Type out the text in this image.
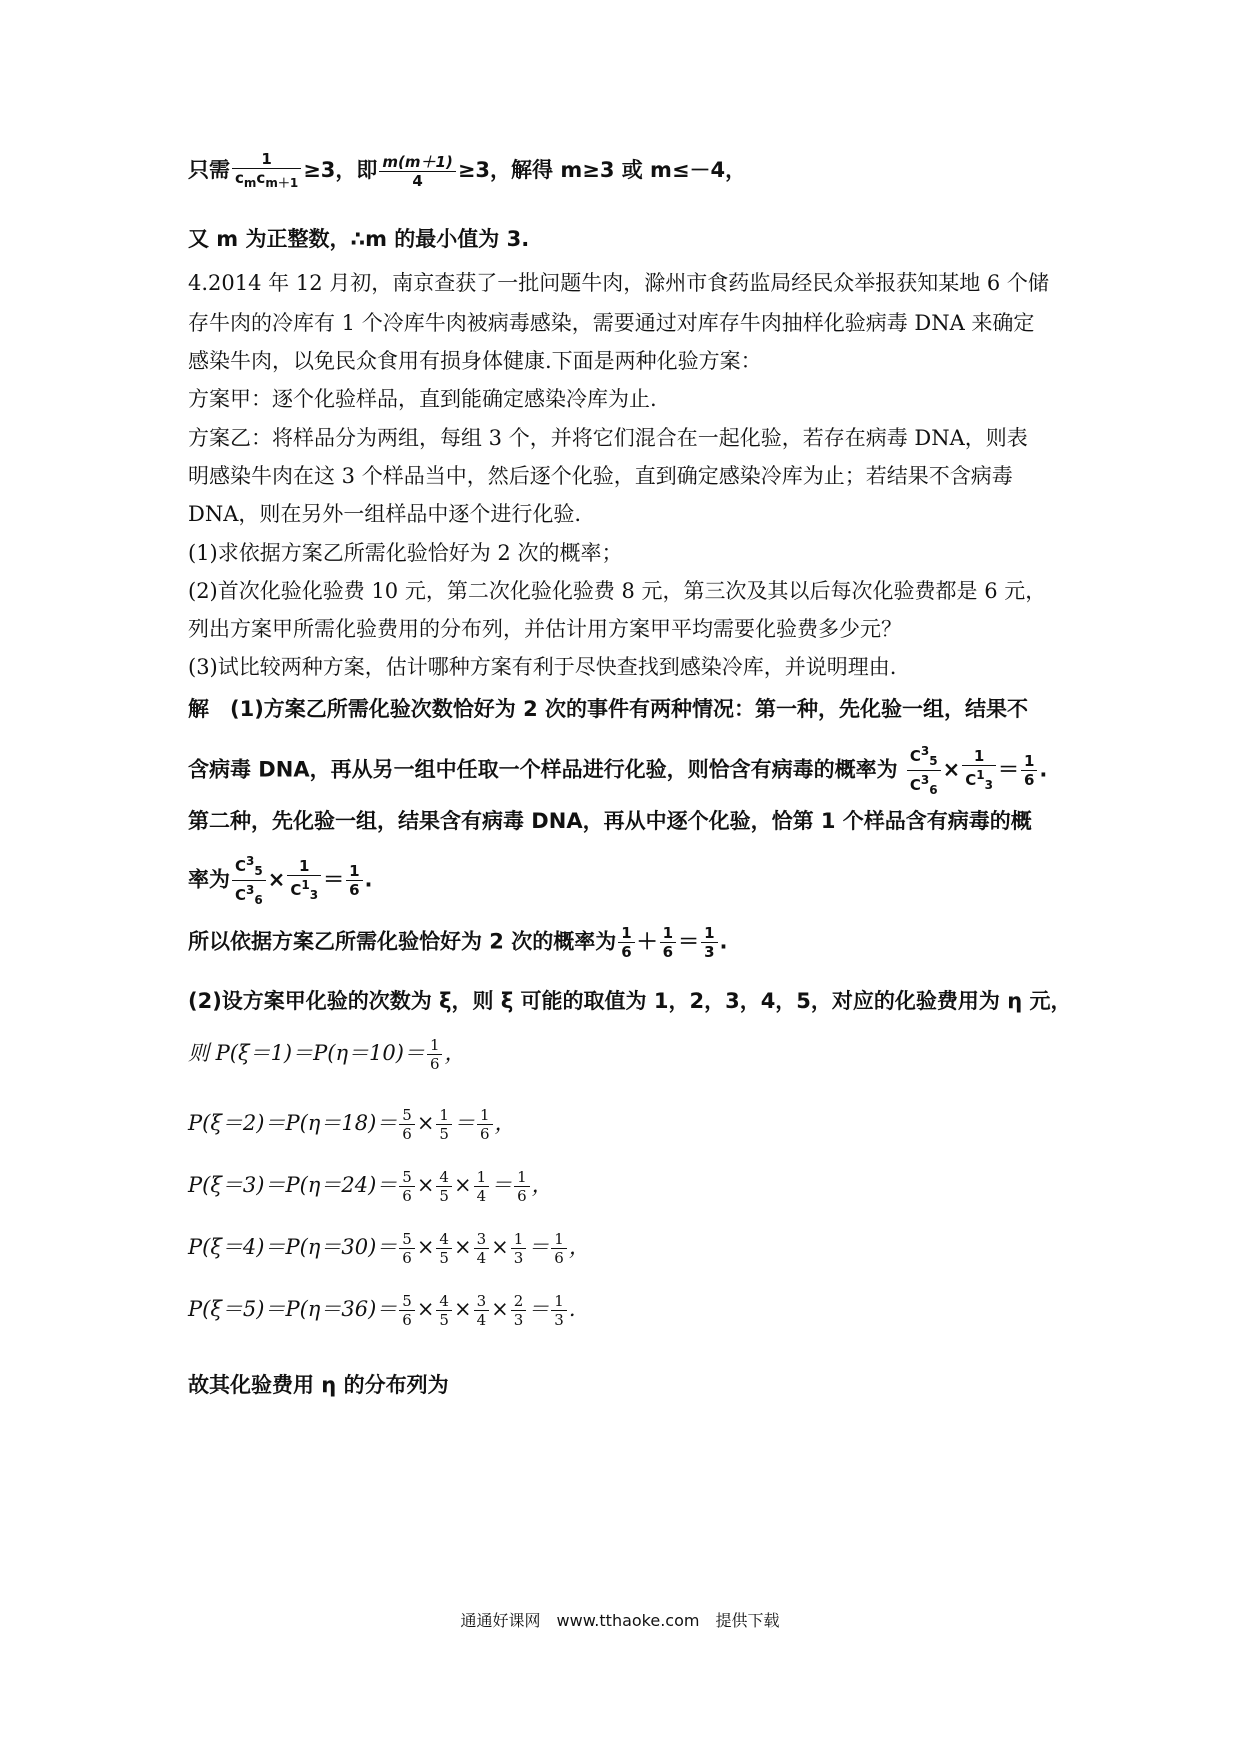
只需 $\frac{1}{c_mc_{m+1}} \ge 3$，即 $\frac{m(m+1)}{4} \ge 3$，解得 m≥3 或 m≤－4，
又 m 为正整数，∴m 的最小值为 3.
4.2014 年 12 月初，南京查获了一批问题牛肉，滁州市食药监局经民众举报获知某地 6 个储
存牛肉的冷库有 1 个冷库牛肉被病毒感染，需要通过对库存牛肉抽样化验病毒 DNA 来确定
感染牛肉，以免民众食用有损身体健康.下面是两种化验方案：
方案甲：逐个化验样品，直到能确定感染冷库为止.
方案乙：将样品分为两组，每组 3 个，并将它们混合在一起化验，若存在病毒 DNA，则表
明感染牛肉在这 3 个样品当中，然后逐个化验，直到确定感染冷库为止；若结果不含病毒
DNA，则在另外一组样品中逐个进行化验.
(1)求依据方案乙所需化验恰好为 2 次的概率；
(2)首次化验化验费 10 元，第二次化验化验费 8 元，第三次及其以后每次化验费都是 6 元，
列出方案甲所需化验费用的分布列，并估计用方案甲平均需要化验费多少元？
(3)试比较两种方案，估计哪种方案有利于尽快查找到感染冷库，并说明理由.
解　(1)方案乙所需化验次数恰好为 2 次的事件有两种情况：第一种，先化验一组，结果不
含病毒 DNA，再从另一组中任取一个样品进行化验，则恰含有病毒的概率为 $\frac{C^3_5}{C^3_6} \times \frac{1}{C^1_3} = \frac{1}{6}$ .
第二种，先化验一组，结果含有病毒 DNA，再从中逐个化验，恰第 1 个样品含有病毒的概
率为 $\frac{C^3_5}{C^3_6} \times \frac{1}{C^1_3} = \frac{1}{6}$ .
所以依据方案乙所需化验恰好为 2 次的概率为 $\frac{1}{6} + \frac{1}{6} = \frac{1}{3}$ .
(2)设方案甲化验的次数为 ξ，则 ξ 可能的取值为 1，2，3，4，5，对应的化验费用为 η 元，
则 $P(\xi=1)=P(\eta=10)= \frac{1}{6}$ ，
$P(\xi=2)=P(\eta=18)= \frac{5}{6} \times \frac{1}{5} = \frac{1}{6}$ ，
$P(\xi=3)=P(\eta=24)= \frac{5}{6} \times \frac{4}{5} \times \frac{1}{4} = \frac{1}{6}$ ，
$P(\xi=4)=P(\eta=30)= \frac{5}{6} \times \frac{4}{5} \times \frac{3}{4} \times \frac{1}{3} = \frac{1}{6}$ ，
$P(\xi=5)=P(\eta=36)= \frac{5}{6} \times \frac{4}{5} \times \frac{3}{4} \times \frac{2}{3} = \frac{1}{3}$ .
故其化验费用 η 的分布列为
通通好课网　www.tthaoke.com　提供下载
